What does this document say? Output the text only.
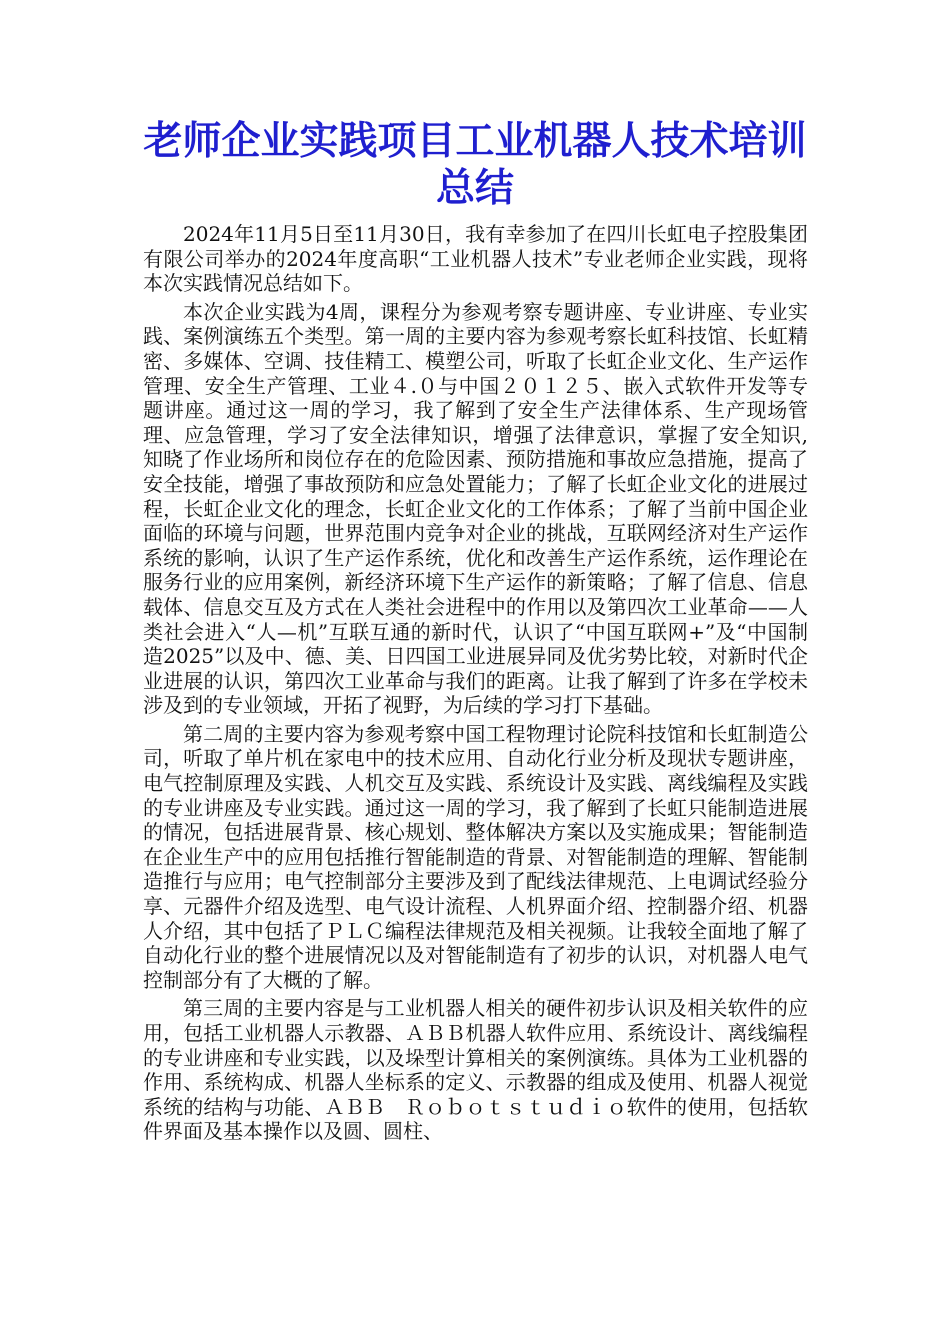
老师企业实践项目工业机器人技术培训总结

2024年11月5日至11月30日，我有幸参加了在四川长虹电子控股集团有限公司举办的2024年度高职“工业机器人技术”专业老师企业实践，现将本次实践情况总结如下。

本次企业实践为4周，课程分为参观考察专题讲座、专业讲座、专业实践、案例演练五个类型。第一周的主要内容为参观考察长虹科技馆、长虹精密、多媒体、空调、技佳精工、模塑公司，听取了长虹企业文化、生产运作管理、安全生产管理、工业４.０与中国２０１２５、嵌入式软件开发等专题讲座。通过这一周的学习，我了解到了安全生产法律体系、生产现场管理、应急管理，学习了安全法律知识，增强了法律意识，掌握了安全知识,知晓了作业场所和岗位存在的危险因素、预防措施和事故应急措施，提高了安全技能，增强了事故预防和应急处置能力；了解了长虹企业文化的进展过程，长虹企业文化的理念，长虹企业文化的工作体系；了解了当前中国企业面临的环境与问题，世界范围内竞争对企业的挑战，互联网经济对生产运作系统的影响，认识了生产运作系统，优化和改善生产运作系统，运作理论在服务行业的应用案例，新经济环境下生产运作的新策略；了解了信息、信息载体、信息交互及方式在人类社会进程中的作用以及第四次工业革命——人类社会进入“人—机”互联互通的新时代，认识了“中国互联网+”及“中国制造2025”以及中、德、美、日四国工业进展异同及优劣势比较，对新时代企业进展的认识，第四次工业革命与我们的距离。让我了解到了许多在学校未涉及到的专业领域，开拓了视野，为后续的学习打下基础。

第二周的主要内容为参观考察中国工程物理讨论院科技馆和长虹制造公司，听取了单片机在家电中的技术应用、自动化行业分析及现状专题讲座，电气控制原理及实践、人机交互及实践、系统设计及实践、离线编程及实践的专业讲座及专业实践。通过这一周的学习，我了解到了长虹只能制造进展的情况，包括进展背景、核心规划、整体解决方案以及实施成果；智能制造在企业生产中的应用包括推行智能制造的背景、对智能制造的理解、智能制造推行与应用；电气控制部分主要涉及到了配线法律规范、上电调试经验分享、元器件介绍及选型、电气设计流程、人机界面介绍、控制器介绍、机器人介绍，其中包括了ＰＬＣ编程法律规范及相关视频。让我较全面地了解了自动化行业的整个进展情况以及对智能制造有了初步的认识，对机器人电气控制部分有了大概的了解。

第三周的主要内容是与工业机器人相关的硬件初步认识及相关软件的应用，包括工业机器人示教器、ＡＢＢ机器人软件应用、系统设计、离线编程的专业讲座和专业实践，以及垛型计算相关的案例演练。具体为工业机器的作用、系统构成、机器人坐标系的定义、示教器的组成及使用、机器人视觉系统的结构与功能、ＡＢＢ　Ｒｏｂｏｔｓｔｕｄｉｏ软件的使用，包括软件界面及基本操作以及圆、圆柱、
